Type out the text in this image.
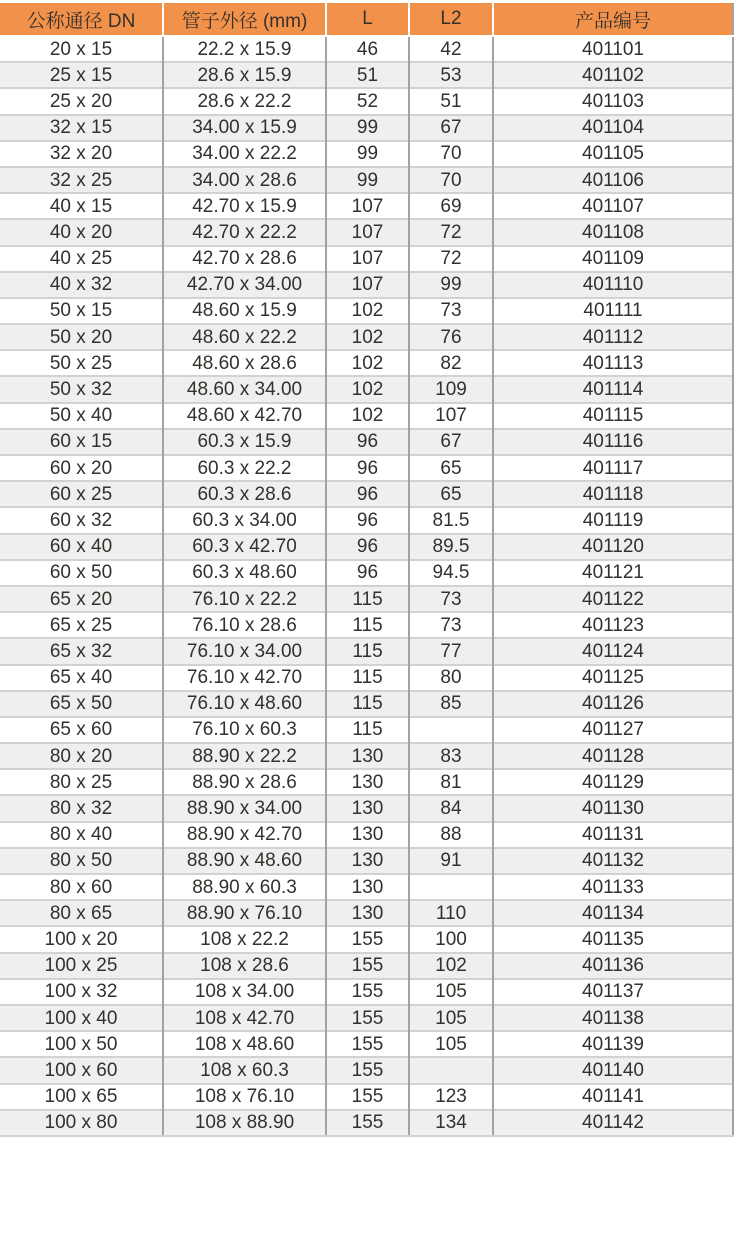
公称通径 DN	管子外径 (mm)	L	L2	产品编号
20 x 15	22.2 x 15.9	46	42	401101
25 x 15	28.6 x 15.9	51	53	401102
25 x 20	28.6 x 22.2	52	51	401103
32 x 15	34.00 x 15.9	99	67	401104
32 x 20	34.00 x 22.2	99	70	401105
32 x 25	34.00 x 28.6	99	70	401106
40 x 15	42.70 x 15.9	107	69	401107
40 x 20	42.70 x 22.2	107	72	401108
40 x 25	42.70 x 28.6	107	72	401109
40 x 32	42.70 x 34.00	107	99	401110
50 x 15	48.60 x 15.9	102	73	401111
50 x 20	48.60 x 22.2	102	76	401112
50 x 25	48.60 x 28.6	102	82	401113
50 x 32	48.60 x 34.00	102	109	401114
50 x 40	48.60 x 42.70	102	107	401115
60 x 15	60.3 x 15.9	96	67	401116
60 x 20	60.3 x 22.2	96	65	401117
60 x 25	60.3 x 28.6	96	65	401118
60 x 32	60.3 x 34.00	96	81.5	401119
60 x 40	60.3 x 42.70	96	89.5	401120
60 x 50	60.3 x 48.60	96	94.5	401121
65 x 20	76.10 x 22.2	115	73	401122
65 x 25	76.10 x 28.6	115	73	401123
65 x 32	76.10 x 34.00	115	77	401124
65 x 40	76.10 x 42.70	115	80	401125
65 x 50	76.10 x 48.60	115	85	401126
65 x 60	76.10 x 60.3	115		401127
80 x 20	88.90 x 22.2	130	83	401128
80 x 25	88.90 x 28.6	130	81	401129
80 x 32	88.90 x 34.00	130	84	401130
80 x 40	88.90 x 42.70	130	88	401131
80 x 50	88.90 x 48.60	130	91	401132
80 x 60	88.90 x 60.3	130		401133
80 x 65	88.90 x 76.10	130	110	401134
100 x 20	108 x 22.2	155	100	401135
100 x 25	108 x 28.6	155	102	401136
100 x 32	108 x 34.00	155	105	401137
100 x 40	108 x 42.70	155	105	401138
100 x 50	108 x 48.60	155	105	401139
100 x 60	108 x 60.3	155		401140
100 x 65	108 x 76.10	155	123	401141
100 x 80	108 x 88.90	155	134	401142
